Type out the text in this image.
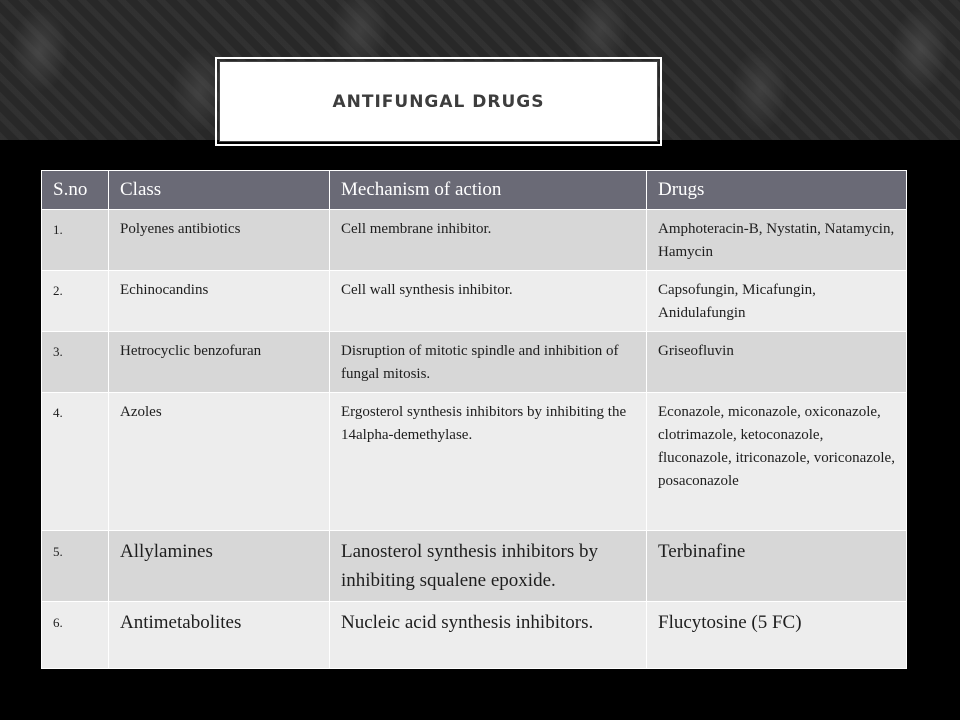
ANTIFUNGAL DRUGS
S.no	Class	Mechanism of action	Drugs
1.	Polyenes antibiotics	Cell membrane inhibitor.	Amphoteracin-B, Nystatin, Natamycin, Hamycin
2.	Echinocandins	Cell wall synthesis inhibitor.	Capsofungin, Micafungin, Anidulafungin
3.	Hetrocyclic benzofuran	Disruption of mitotic spindle and inhibition of fungal mitosis.	Griseofluvin
4.	Azoles	Ergosterol synthesis inhibitors by inhibiting the 14alpha-demethylase.	Econazole, miconazole, oxiconazole, clotrimazole, ketoconazole, fluconazole, itriconazole, voriconazole, posaconazole
5.	Allylamines	Lanosterol synthesis inhibitors by inhibiting squalene epoxide.	Terbinafine
6.	Antimetabolites	Nucleic acid synthesis inhibitors.	Flucytosine (5 FC)
